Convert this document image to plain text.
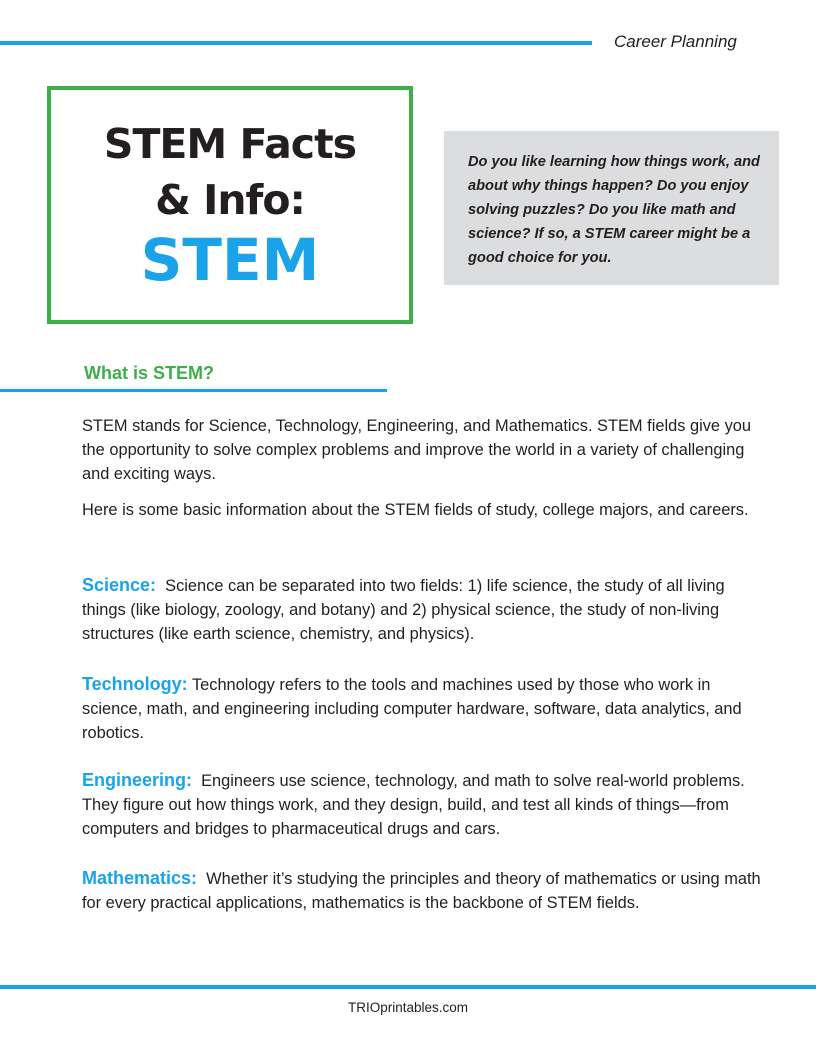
Career Planning
STEM Facts
& Info:
STEM

Do you like learning how things work, and about why things happen? Do you enjoy solving puzzles? Do you like math and science? If so, a STEM career might be a good choice for you.

What is STEM?

STEM stands for Science, Technology, Engineering, and Mathematics. STEM fields give you the opportunity to solve complex problems and improve the world in a variety of challenging and exciting ways.

Here is some basic information about the STEM fields of study, college majors, and careers.

Science: Science can be separated into two fields: 1) life science, the study of all living things (like biology, zoology, and botany) and 2) physical science, the study of non-living structures (like earth science, chemistry, and physics).

Technology: Technology refers to the tools and machines used by those who work in science, math, and engineering including computer hardware, software, data analytics, and robotics.

Engineering: Engineers use science, technology, and math to solve real-world problems. They figure out how things work, and they design, build, and test all kinds of things—from computers and bridges to pharmaceutical drugs and cars.

Mathematics: Whether it’s studying the principles and theory of mathematics or using math for every practical applications, mathematics is the backbone of STEM fields.

TRIOprintables.com
